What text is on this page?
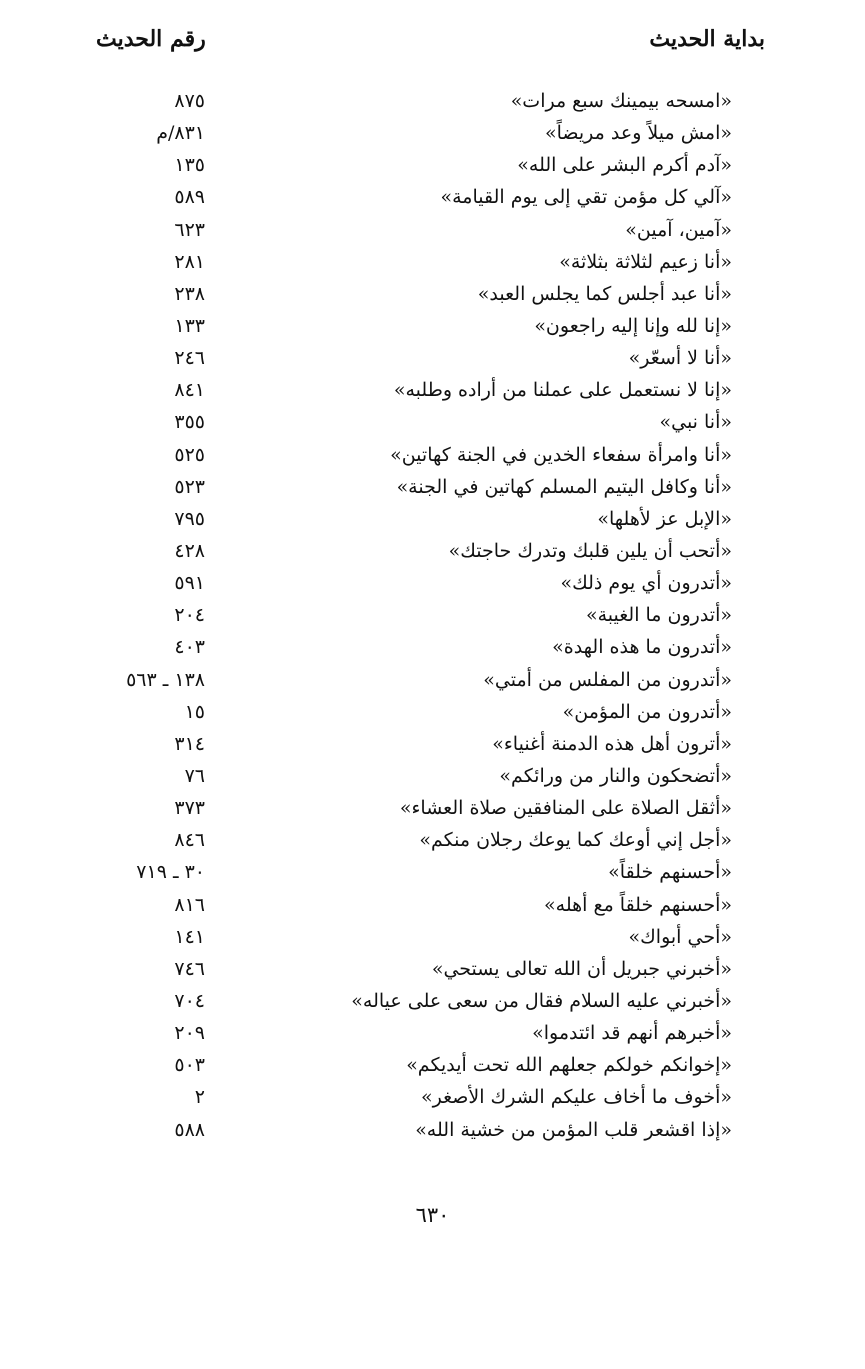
بداية الحديث
رقم الحديث
«امسحه بيمينك سبع مرات»
٨٧٥
«امش ميلاً وعد مريضاً»
٨٣١/م
«آدم أكرم البشر على الله»
١٣٥
«آلي كل مؤمن تقي إلى يوم القيامة»
٥٨٩
«آمين، آمين»
٦٢٣
«أنا زعيم لثلاثة بثلاثة»
٢٨١
«أنا عبد أجلس كما يجلس العبد»
٢٣٨
«إنا لله وإنا إليه راجعون»
١٣٣
«أنا لا أسعّر»
٢٤٦
«إنا لا نستعمل على عملنا من أراده وطلبه»
٨٤١
«أنا نبي»
٣٥٥
«أنا وامرأة سفعاء الخدين في الجنة كهاتين»
٥٢٥
«أنا وكافل اليتيم المسلم كهاتين في الجنة»
٥٢٣
«الإبل عز لأهلها»
٧٩٥
«أتحب أن يلين قلبك وتدرك حاجتك»
٤٢٨
«أتدرون أي يوم ذلك»
٥٩١
«أتدرون ما الغيبة»
٢٠٤
«أتدرون ما هذه الهدة»
٤٠٣
«أتدرون من المفلس من أمتي»
١٣٨ ـ ٥٦٣
«أتدرون من المؤمن»
١٥
«أترون أهل هذه الدمنة أغنياء»
٣١٤
«أتضحكون والنار من ورائكم»
٧٦
«أثقل الصلاة على المنافقين صلاة العشاء»
٣٧٣
«أجل إني أوعك كما يوعك رجلان منكم»
٨٤٦
«أحسنهم خلقاً»
٣٠ ـ ٧١٩
«أحسنهم خلقاً مع أهله»
٨١٦
«أحي أبواك»
١٤١
«أخبرني جبريل أن الله تعالى يستحي»
٧٤٦
«أخبرني عليه السلام فقال من سعى على عياله»
٧٠٤
«أخبرهم أنهم قد ائتدموا»
٢٠٩
«إخوانكم خولكم جعلهم الله تحت أيديكم»
٥٠٣
«أخوف ما أخاف عليكم الشرك الأصغر»
٢
«إذا اقشعر قلب المؤمن من خشية الله»
٥٨٨
٦٣٠
